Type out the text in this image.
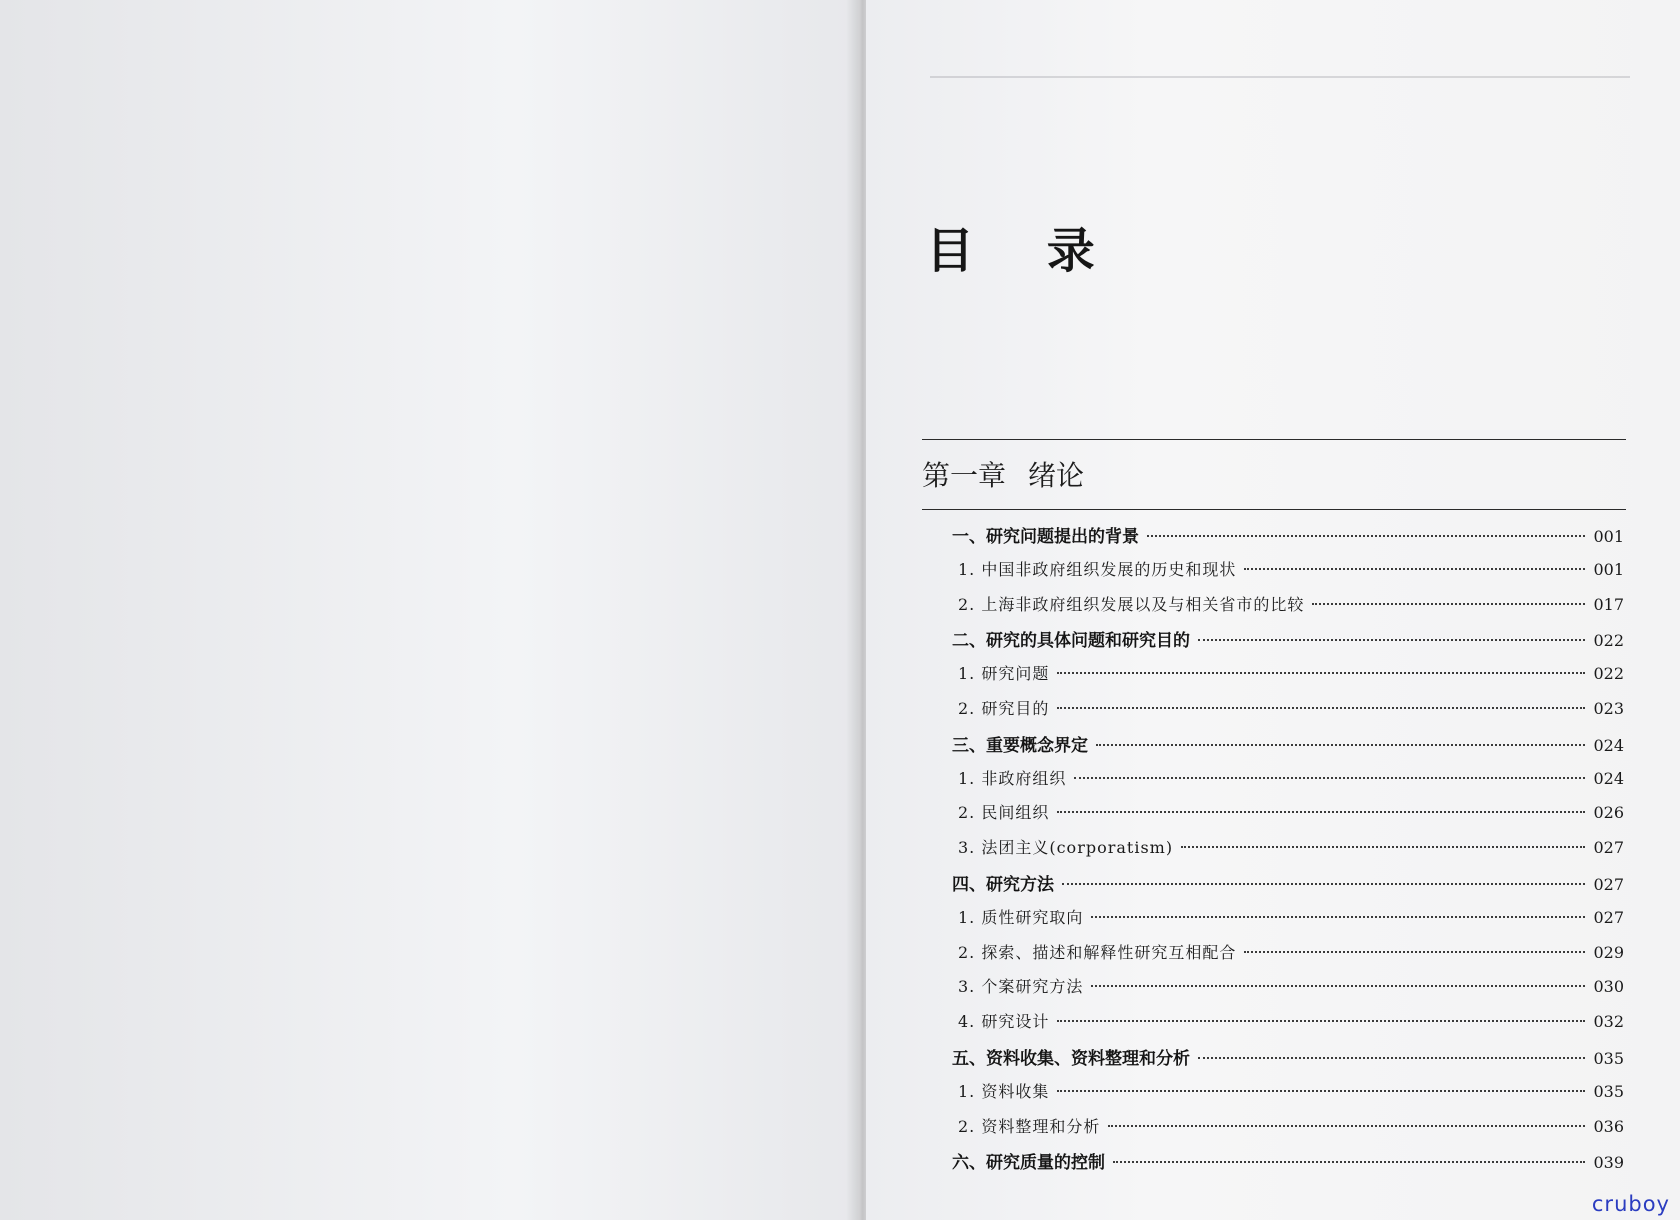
目 录
第一章 绪论
一、研究问题提出的背景	001
1. 中国非政府组织发展的历史和现状	001
2. 上海非政府组织发展以及与相关省市的比较	017
二、研究的具体问题和研究目的	022
1. 研究问题	022
2. 研究目的	023
三、重要概念界定	024
1. 非政府组织	024
2. 民间组织	026
3. 法团主义(corporatism)	027
四、研究方法	027
1. 质性研究取向	027
2. 探索、描述和解释性研究互相配合	029
3. 个案研究方法	030
4. 研究设计	032
五、资料收集、资料整理和分析	035
1. 资料收集	035
2. 资料整理和分析	036
六、研究质量的控制	039
cruboy
